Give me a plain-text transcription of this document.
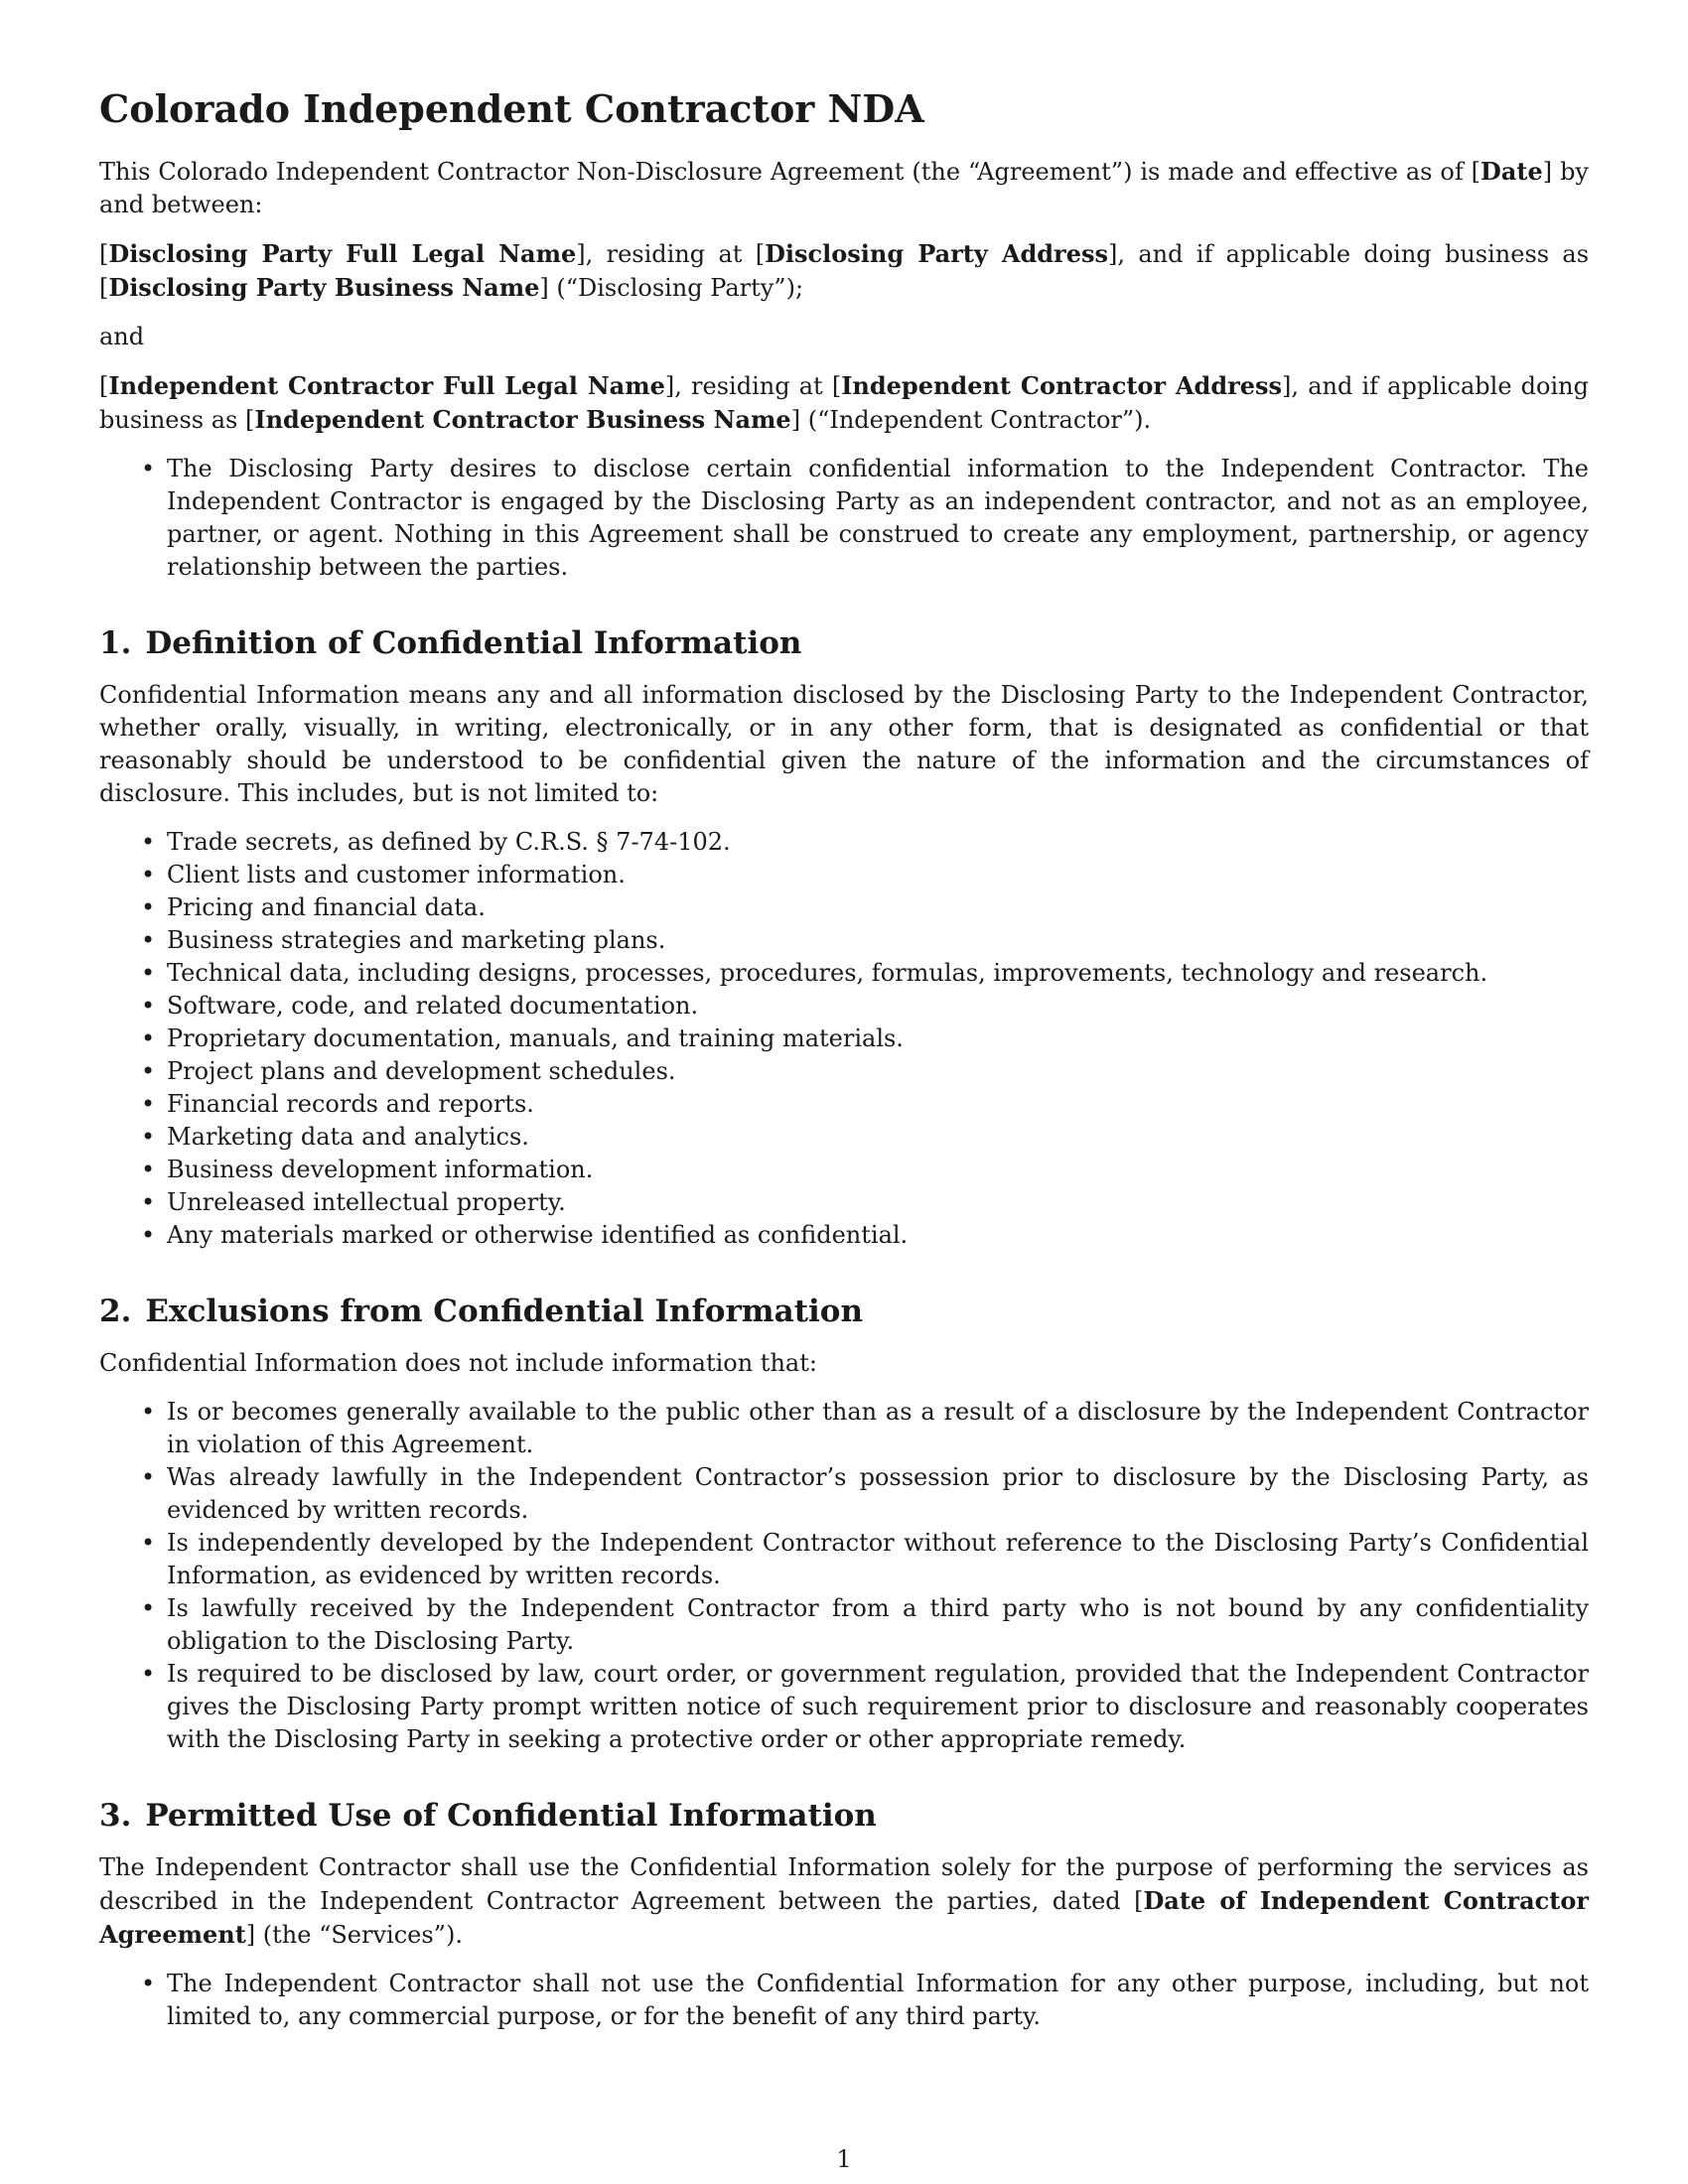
Colorado Independent Contractor NDA

This Colorado Independent Contractor Non-Disclosure Agreement (the “Agreement”) is made and effective as of [Date] by and between:

[Disclosing Party Full Legal Name], residing at [Disclosing Party Address], and if applicable doing business as [Disclosing Party Business Name] (“Disclosing Party”);

and

[Independent Contractor Full Legal Name], residing at [Independent Contractor Address], and if applicable doing business as [Independent Contractor Business Name] (“Independent Contractor”).

• The Disclosing Party desires to disclose certain confidential information to the Independent Contractor. The Independent Contractor is engaged by the Disclosing Party as an independent contractor, and not as an employee, partner, or agent. Nothing in this Agreement shall be construed to create any employment, partnership, or agency relationship between the parties.
1. Definition of Confidential Information

Confidential Information means any and all information disclosed by the Disclosing Party to the Independent Contractor, whether orally, visually, in writing, electronically, or in any other form, that is designated as confidential or that reasonably should be understood to be confidential given the nature of the information and the circumstances of disclosure. This includes, but is not limited to:

• Trade secrets, as defined by C.R.S. § 7-74-102.
• Client lists and customer information.
• Pricing and financial data.
• Business strategies and marketing plans.
• Technical data, including designs, processes, procedures, formulas, improvements, technology and research.
• Software, code, and related documentation.
• Proprietary documentation, manuals, and training materials.
• Project plans and development schedules.
• Financial records and reports.
• Marketing data and analytics.
• Business development information.
• Unreleased intellectual property.
• Any materials marked or otherwise identified as confidential.
2. Exclusions from Confidential Information

Confidential Information does not include information that:

• Is or becomes generally available to the public other than as a result of a disclosure by the Independent Contractor in violation of this Agreement.
• Was already lawfully in the Independent Contractor’s possession prior to disclosure by the Disclosing Party, as evidenced by written records.
• Is independently developed by the Independent Contractor without reference to the Disclosing Party’s Confidential Information, as evidenced by written records.
• Is lawfully received by the Independent Contractor from a third party who is not bound by any confidentiality obligation to the Disclosing Party.
• Is required to be disclosed by law, court order, or government regulation, provided that the Independent Contractor gives the Disclosing Party prompt written notice of such requirement prior to disclosure and reasonably cooperates with the Disclosing Party in seeking a protective order or other appropriate remedy.
3. Permitted Use of Confidential Information

The Independent Contractor shall use the Confidential Information solely for the purpose of performing the services as described in the Independent Contractor Agreement between the parties, dated [Date of Independent Contractor Agreement] (the “Services”).

• The Independent Contractor shall not use the Confidential Information for any other purpose, including, but not limited to, any commercial purpose, or for the benefit of any third party.
1
